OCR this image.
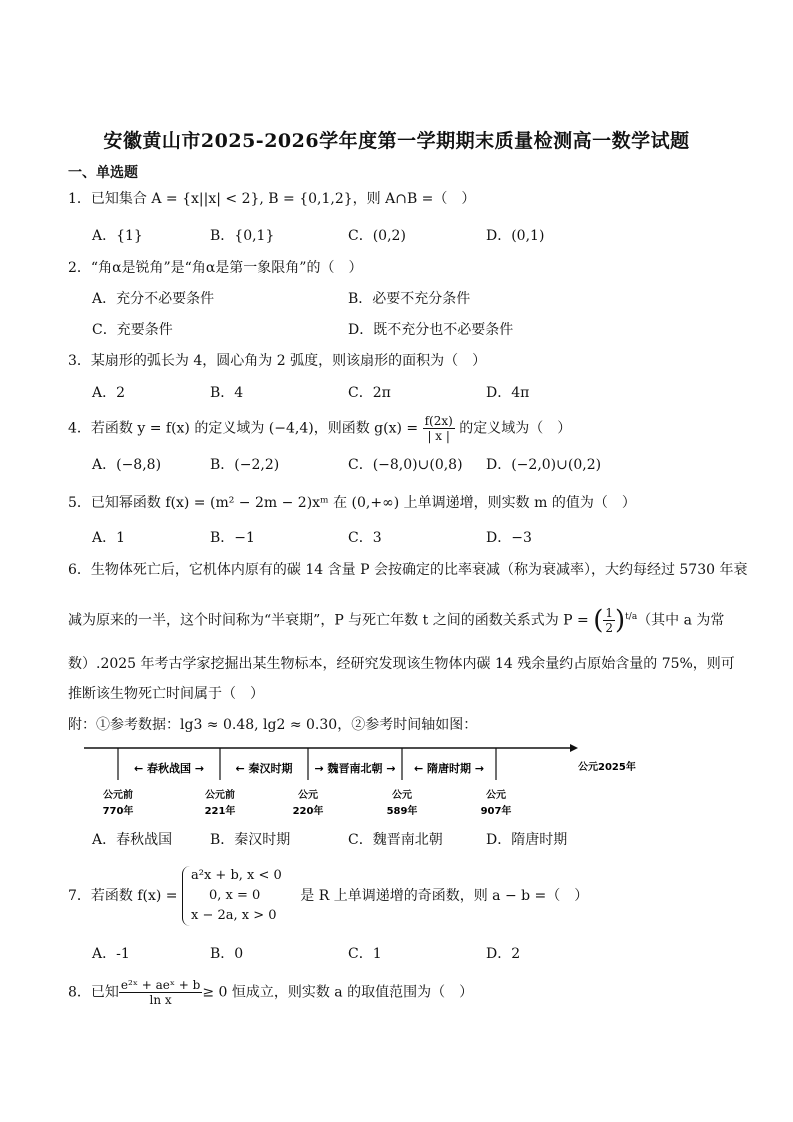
安徽黄山市2025-2026学年度第一学期期末质量检测高一数学试题
一、单选题
1．已知集合 A = {x||x| < 2}, B = {0,1,2}，则 A∩B =（　）
A．{1}	B．{0,1}	C．(0,2)	D．(0,1)
2．“角α是锐角”是“角α是第一象限角”的（　）
A．充分不必要条件	B．必要不充分条件
C．充要条件	D．既不充分也不必要条件
3．某扇形的弧长为 4，圆心角为 2 弧度，则该扇形的面积为（　）
A．2	B．4	C．2π	D．4π
4．若函数 y = f(x) 的定义域为 (−4,4)，则函数 $g(x) = \frac{f(2x)}{| x |}$ 的定义域为（　）
A．(−8,8)	B．(−2,2)	C．(−8,0)∪(0,8) D．(−2,0)∪(0,2)
5．已知幂函数 f(x) = (m² − 2m − 2)xᵐ 在 (0,+∞) 上单调递增，则实数 m 的值为（　）
A．1	B．−1	C．3	D．−3
6．生物体死亡后，它机体内原有的碳 14 含量 P 会按确定的比率衰减（称为衰减率），大约每经过 5730 年衰
减为原来的一半，这个时间称为“半衰期”，P 与死亡年数 t 之间的函数关系式为 P = ( $\frac{1}{2} )^{t/a}$（其中 a 为常
数）.2025 年考古学家挖掘出某生物标本，经研究发现该生物体内碳 14 残余量约占原始含量的 75%，则可
推断该生物死亡时间属于（　）
附：①参考数据：lg3 ≈ 0.48, lg2 ≈ 0.30，②参考时间轴如图：
← 春秋战国 →	← 秦汉时期 → 魏晋南北朝 → ← 隋唐时期 →	公元2025年
公元前
770年
公元前
221年
公元
220年
公元
589年
公元
907年
A．春秋战国	B．秦汉时期	C．魏晋南北朝	D．隋唐时期
7．若函数 f(x) =
a²x + b, x < 0
0, x = 0
x − 2a, x > 0
是 R 上单调递增的奇函数，则 a − b =（　）
A．-1	B．0	C．1	D．2
8．已知 $\frac{\text{e²ˣ + aeˣ + b}}{\text{ln x}} \ge 0$ 恒成立，则实数 a 的取值范围为（　）
